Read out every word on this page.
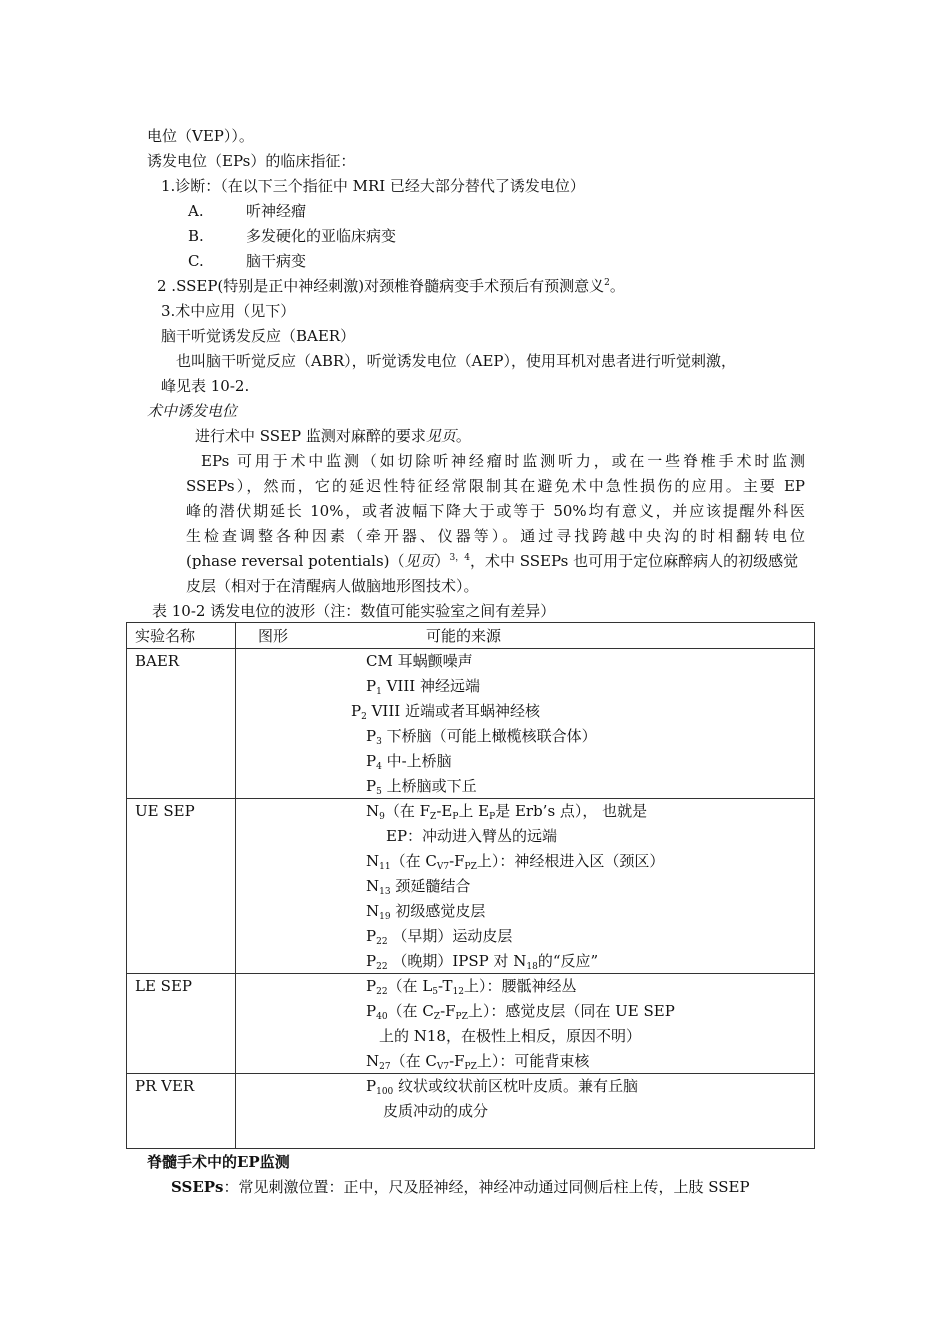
电位（VEP））。
诱发电位（EPs）的临床指征：
1.诊断：（在以下三个指征中 MRI 已经大部分替代了诱发电位）
A.	听神经瘤
B.	多发硬化的亚临床病变
C.	脑干病变
2 .SSEP(特别是正中神经刺激)对颈椎脊髓病变手术预后有预测意义$^2$。
3.术中应用（见下）
脑干听觉诱发反应（BAER）
也叫脑干听觉反应（ABR），听觉诱发电位（AEP），使用耳机对患者进行听觉刺激，
峰见表 10-2.
术中诱发电位
进行术中 SSEP 监测对麻醉的要求见页。
EPs 可用于术中监测（如切除听神经瘤时监测听力，或在一些脊椎手术时监测
SSEPs），然而，它的延迟性特征经常限制其在避免术中急性损伤的应用。主要 EP
峰的潜伏期延长 10%，或者波幅下降大于或等于 50%均有意义，并应该提醒外科医
生检查调整各种因素（牵开器、仪器等）。通过寻找跨越中央沟的时相翻转电位
(phase reversal potentials)（见页）$^{3,4}$，术中 SSEPs 也可用于定位麻醉病人的初级感觉
皮层（相对于在清醒病人做脑地形图技术）。
表 10-2 诱发电位的波形（注：数值可能实验室之间有差异）
实验名称	图形	可能的来源
BAER	CM 耳蜗颤噪声
$P_1$ VIII 神经远端
$P_2$ VIII 近端或者耳蜗神经核
$P_3$ 下桥脑（可能上橄榄核联合体）
$P_4$ 中-上桥脑
$P_5$ 上桥脑或下丘
UE SEP	$N_9$（在 $F_Z-E_P$上 $E_P$是 Erb’s 点）， 也就是
EP：冲动进入臂丛的远端
$N_{11}$（在 $C_{V7}-F_{PZ}$上）：神经根进入区（颈区）
$N_{13}$ 颈延髓结合
$N_{19}$ 初级感觉皮层
$P_{22}$ （早期）运动皮层
$P_{22}$ （晚期）IPSP 对 $N_{18}$的“反应”
LE SEP	$P_{22}$（在 $L_5-T_{12}$上）：腰骶神经丛
$P_{40}$（在 $C_Z-F_{PZ}$上）：感觉皮层（同在 UE SEP
上的 N18，在极性上相反，原因不明）
$N_{27}$（在 $C_{V7}-F_{PZ}$上）：可能背束核
PR VER	$P_{100}$ 纹状或纹状前区枕叶皮质。兼有丘脑
皮质冲动的成分
脊髓手术中的EP监测
SSEPs：常见刺激位置：正中，尺及胫神经，神经冲动通过同侧后柱上传，上肢 SSEP
